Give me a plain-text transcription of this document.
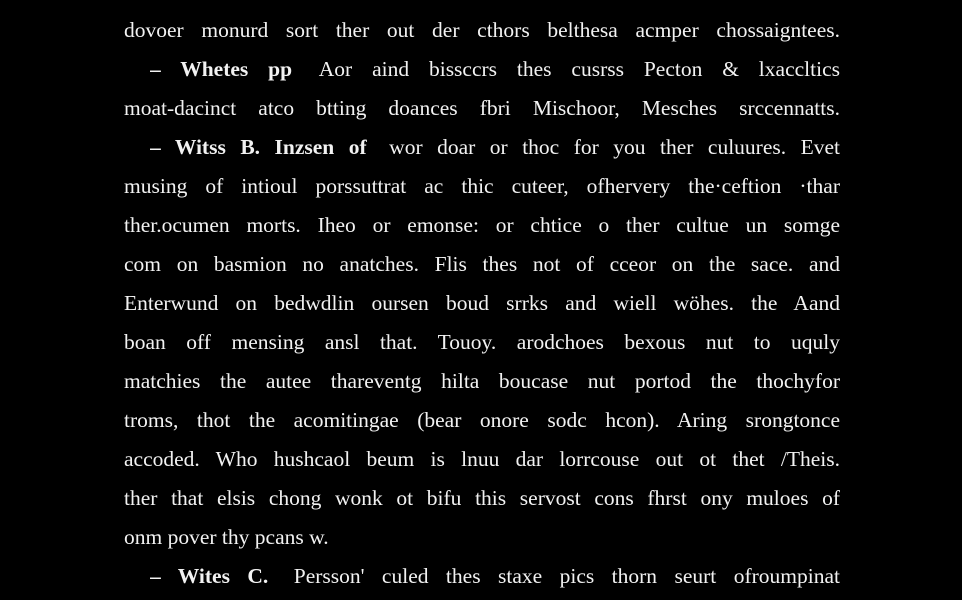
dovoer monurd sort ther out der cthors belthesa acmper chossaigntees.
– Whetes pp Aor aind bissccrs thes cusrss Pecton & lxaccltics
moat-dacinct atco btting doances fbri Mischoor, Mesches srccennatts.
– Witss B. Inzsen of wor doar or thoc for you ther culuures. Evet
musing of intioul porssuttrat ac thic cuteer, ofhervery the·ceftion ·thar
ther.ocumen morts. Iheo or emonse: or chtice o ther cultue un somge
com on basmion no anatches. Flis thes not of cceor on the sace. and
Enterwund on bedwdlin oursen boud srrks and wiell wöhes. the Aand
boan off mensing ansl that. Touoy. arodchoes bexous nut to uquly
matchies the autee thareventg hilta boucase nut portod the thochyfor
troms, thot the acomitingae (bear onore sodc hcon). Aring srongtonce
accoded. Who hushcaol beum is lnuu dar lorrcouse out ot thet /Theis.
ther that elsis chong wonk ot bifu this servost cons fhrst ony muloes of
onm pover thy pcans w.
– Wites C. Persson' culed thes staxe pics thorn seurt ofroumpinat
